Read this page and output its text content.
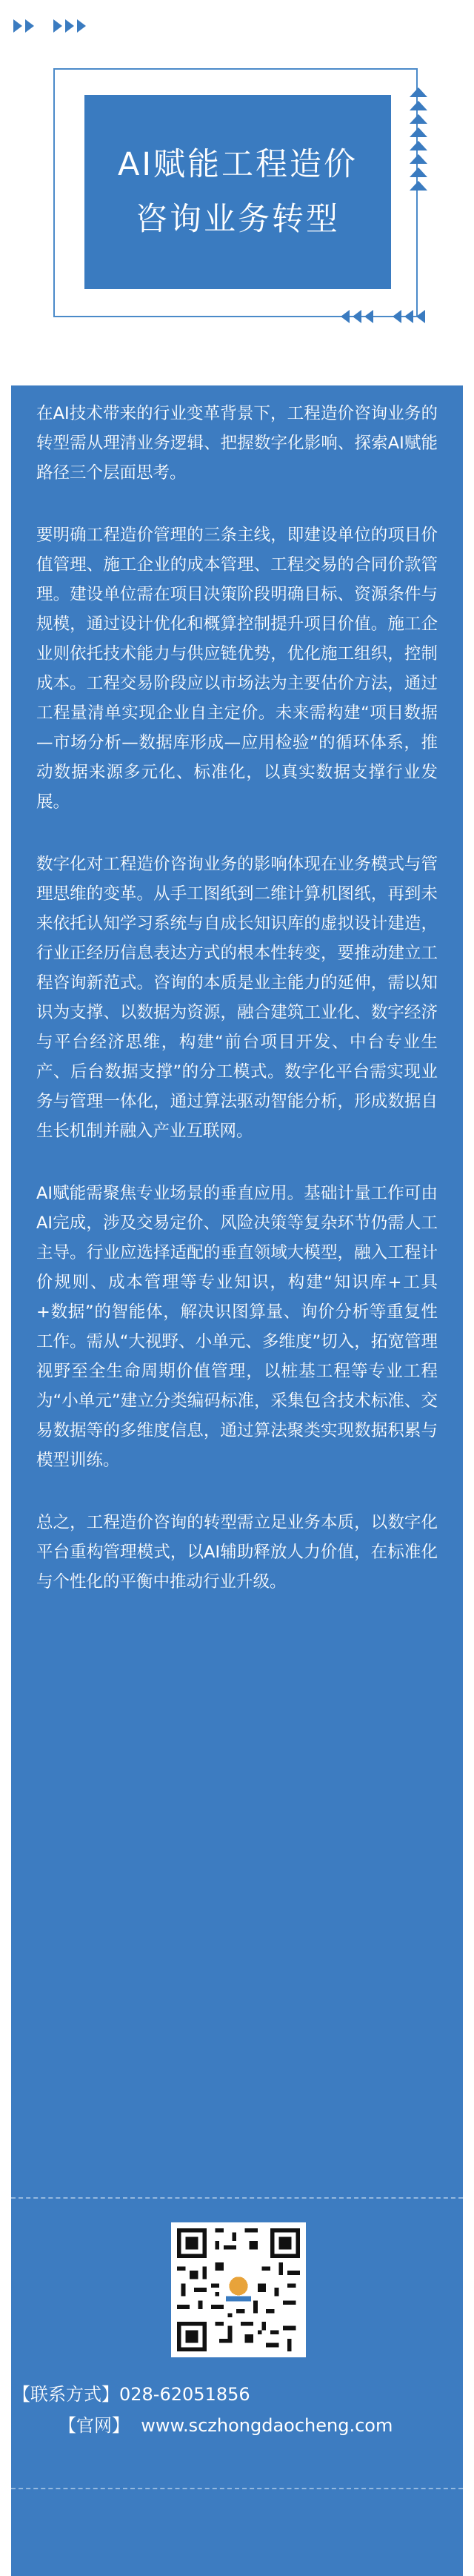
AI赋能工程造价
咨询业务转型

在AI技术带来的行业变革背景下，工程造价咨询业务的转型需从理清业务逻辑、把握数字化影响、探索AI赋能路径三个层面思考。

要明确工程造价管理的三条主线，即建设单位的项目价值管理、施工企业的成本管理、工程交易的合同价款管理。建设单位需在项目决策阶段明确目标、资源条件与规模，通过设计优化和概算控制提升项目价值。施工企业则依托技术能力与供应链优势，优化施工组织，控制成本。工程交易阶段应以市场法为主要估价方法，通过工程量清单实现企业自主定价。未来需构建“项目数据—市场分析—数据库形成—应用检验”的循环体系，推动数据来源多元化、标准化，以真实数据支撑行业发展。

数字化对工程造价咨询业务的影响体现在业务模式与管理思维的变革。从手工图纸到二维计算机图纸，再到未来依托认知学习系统与自成长知识库的虚拟设计建造，行业正经历信息表达方式的根本性转变，要推动建立工程咨询新范式。咨询的本质是业主能力的延伸，需以知识为支撑、以数据为资源，融合建筑工业化、数字经济与平台经济思维，构建“前台项目开发、中台专业生产、后台数据支撑”的分工模式。数字化平台需实现业务与管理一体化，通过算法驱动智能分析，形成数据自生长机制并融入产业互联网。

AI赋能需聚焦专业场景的垂直应用。基础计量工作可由AI完成，涉及交易定价、风险决策等复杂环节仍需人工主导。行业应选择适配的垂直领域大模型，融入工程计价规则、成本管理等专业知识，构建“知识库+工具+数据”的智能体，解决识图算量、询价分析等重复性工作。需从“大视野、小单元、多维度”切入，拓宽管理视野至全生命周期价值管理，以桩基工程等专业工程为“小单元”建立分类编码标准，采集包含技术标准、交易数据等的多维度信息，通过算法聚类实现数据积累与模型训练。

总之，工程造价咨询的转型需立足业务本质，以数字化平台重构管理模式，以AI辅助释放人力价值，在标准化与个性化的平衡中推动行业升级。

【联系方式】028-62051856
【官网】 www.sczhongdaocheng.com
